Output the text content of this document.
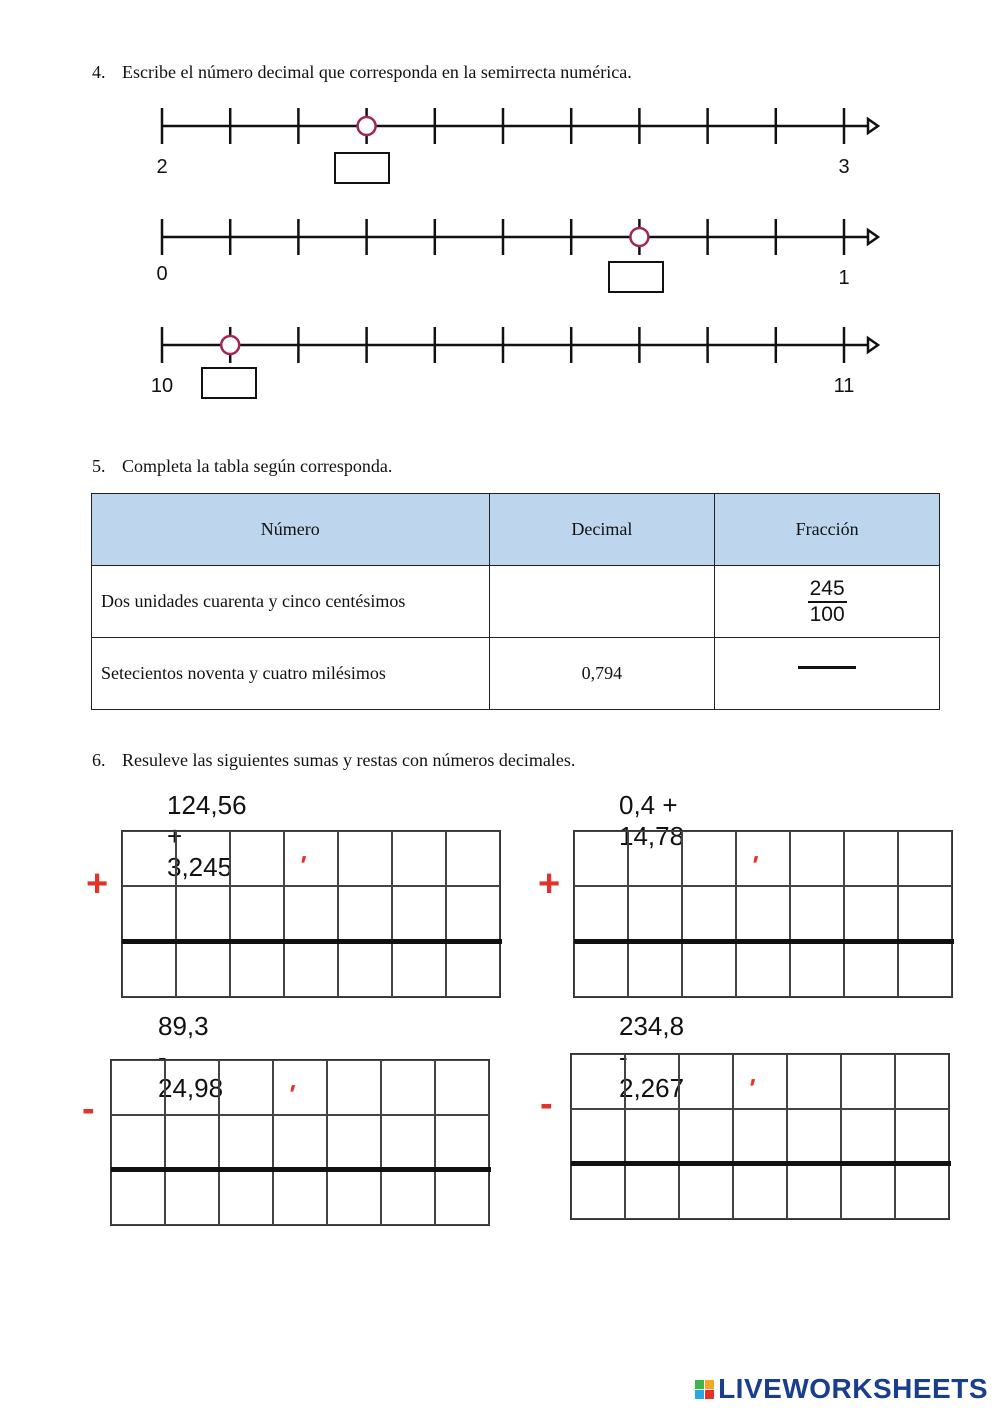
4. Escribe el número decimal que corresponda en la semirrecta numérica.
2	3
0	1
10	11
5. Completa la tabla según corresponda.
Número	Decimal	Fracción
Dos unidades cuarenta y cinco centésimos		$\frac{245}{100}$

Setecientos noventa y cuatro milésimos	0,794	
6. Resuleve las siguientes sumas y restas con números decimales.
124,56 + 3,245
+	'
0,4 + 14,78
+	'
89,3 - 24,98
-	'
234,8 - 2,267
-	'
LIVEWORKSHEETS
